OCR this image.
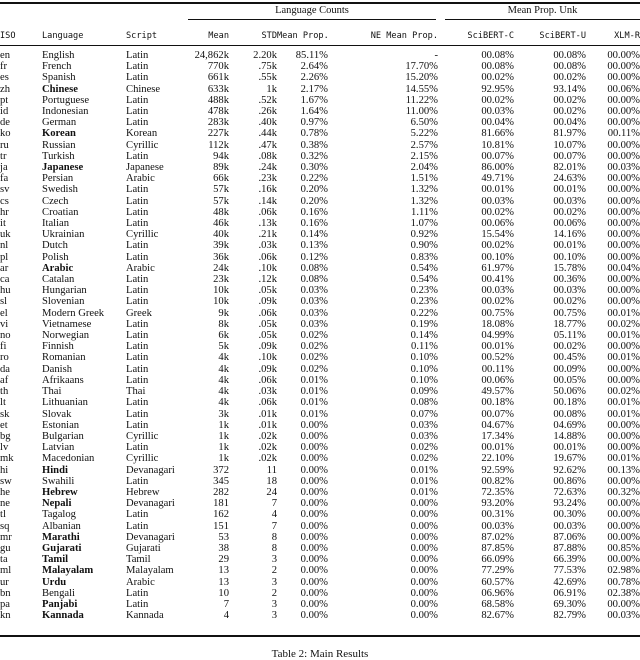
Language Counts	Mean Prop. Unk
ISO	Language	Script	Mean	STD	Mean Prop.	NE Mean Prop.	SciBERT-C	SciBERT-U	XLM-R

en	English	Latin	24,862k	2.20k	85.11%	-	00.08%	00.08%	00.00%
fr	French	Latin	770k	.75k	2.64%	17.70%	00.08%	00.08%	00.00%
es	Spanish	Latin	661k	.55k	2.26%	15.20%	00.02%	00.02%	00.00%
zh	Chinese	Chinese	633k	1k	2.17%	14.55%	92.95%	93.14%	00.06%
pt	Portuguese	Latin	488k	.52k	1.67%	11.22%	00.02%	00.02%	00.00%
id	Indonesian	Latin	478k	.26k	1.64%	11.00%	00.03%	00.02%	00.00%
de	German	Latin	283k	.40k	0.97%	6.50%	00.04%	00.04%	00.00%
ko	Korean	Korean	227k	.44k	0.78%	5.22%	81.66%	81.97%	00.11%
ru	Russian	Cyrillic	112k	.47k	0.38%	2.57%	10.81%	10.07%	00.00%
tr	Turkish	Latin	94k	.08k	0.32%	2.15%	00.07%	00.07%	00.00%
ja	Japanese	Japanese	89k	.24k	0.30%	2.04%	86.00%	82.01%	00.03%
fa	Persian	Arabic	66k	.23k	0.22%	1.51%	49.71%	24.63%	00.00%
sv	Swedish	Latin	57k	.16k	0.20%	1.32%	00.01%	00.01%	00.00%
cs	Czech	Latin	57k	.14k	0.20%	1.32%	00.03%	00.03%	00.00%
hr	Croatian	Latin	48k	.06k	0.16%	1.11%	00.02%	00.02%	00.00%
it	Italian	Latin	46k	.13k	0.16%	1.07%	00.06%	00.06%	00.00%
uk	Ukrainian	Cyrillic	40k	.21k	0.14%	0.92%	15.54%	14.16%	00.00%
nl	Dutch	Latin	39k	.03k	0.13%	0.90%	00.02%	00.01%	00.00%
pl	Polish	Latin	36k	.06k	0.12%	0.83%	00.10%	00.10%	00.00%
ar	Arabic	Arabic	24k	.10k	0.08%	0.54%	61.97%	15.78%	00.04%
ca	Catalan	Latin	23k	.12k	0.08%	0.54%	00.41%	00.36%	00.00%
hu	Hungarian	Latin	10k	.05k	0.03%	0.23%	00.03%	00.03%	00.00%
sl	Slovenian	Latin	10k	.09k	0.03%	0.23%	00.02%	00.02%	00.00%
el	Modern Greek	Greek	9k	.06k	0.03%	0.22%	00.75%	00.75%	00.01%
vi	Vietnamese	Latin	8k	.05k	0.03%	0.19%	18.08%	18.77%	00.02%
no	Norwegian	Latin	6k	.05k	0.02%	0.14%	04.99%	05.11%	00.01%
fi	Finnish	Latin	5k	.09k	0.02%	0.11%	00.01%	00.02%	00.00%
ro	Romanian	Latin	4k	.10k	0.02%	0.10%	00.52%	00.45%	00.01%
da	Danish	Latin	4k	.09k	0.02%	0.10%	00.11%	00.09%	00.00%
af	Afrikaans	Latin	4k	.06k	0.01%	0.10%	00.06%	00.05%	00.00%
th	Thai	Thai	4k	.03k	0.01%	0.09%	49.57%	50.06%	00.02%
lt	Lithuanian	Latin	4k	.06k	0.01%	0.08%	00.18%	00.18%	00.01%
sk	Slovak	Latin	3k	.01k	0.01%	0.07%	00.07%	00.08%	00.01%
et	Estonian	Latin	1k	.01k	0.00%	0.03%	04.67%	04.69%	00.00%
bg	Bulgarian	Cyrillic	1k	.02k	0.00%	0.03%	17.34%	14.88%	00.00%
lv	Latvian	Latin	1k	.02k	0.00%	0.02%	00.01%	00.01%	00.00%
mk	Macedonian	Cyrillic	1k	.02k	0.00%	0.02%	22.10%	19.67%	00.01%
hi	Hindi	Devanagari	372	11	0.00%	0.01%	92.59%	92.62%	00.13%
sw	Swahili	Latin	345	18	0.00%	0.01%	00.82%	00.86%	00.00%
he	Hebrew	Hebrew	282	24	0.00%	0.01%	72.35%	72.63%	00.32%
ne	Nepali	Devanagari	181	7	0.00%	0.00%	93.20%	93.24%	00.00%
tl	Tagalog	Latin	162	4	0.00%	0.00%	00.31%	00.30%	00.00%
sq	Albanian	Latin	151	7	0.00%	0.00%	00.03%	00.03%	00.00%
mr	Marathi	Devanagari	53	8	0.00%	0.00%	87.02%	87.06%	00.00%
gu	Gujarati	Gujarati	38	8	0.00%	0.00%	87.85%	87.88%	00.85%
ta	Tamil	Tamil	29	3	0.00%	0.00%	66.09%	66.39%	00.00%
ml	Malayalam	Malayalam	13	2	0.00%	0.00%	77.29%	77.53%	02.98%
ur	Urdu	Arabic	13	3	0.00%	0.00%	60.57%	42.69%	00.78%
bn	Bengali	Latin	10	2	0.00%	0.00%	06.96%	06.91%	02.38%
pa	Panjabi	Latin	7	3	0.00%	0.00%	68.58%	69.30%	00.00%
kn	Kannada	Kannada	4	3	0.00%	0.00%	82.67%	82.79%	00.03%
Table 2: Main Results
